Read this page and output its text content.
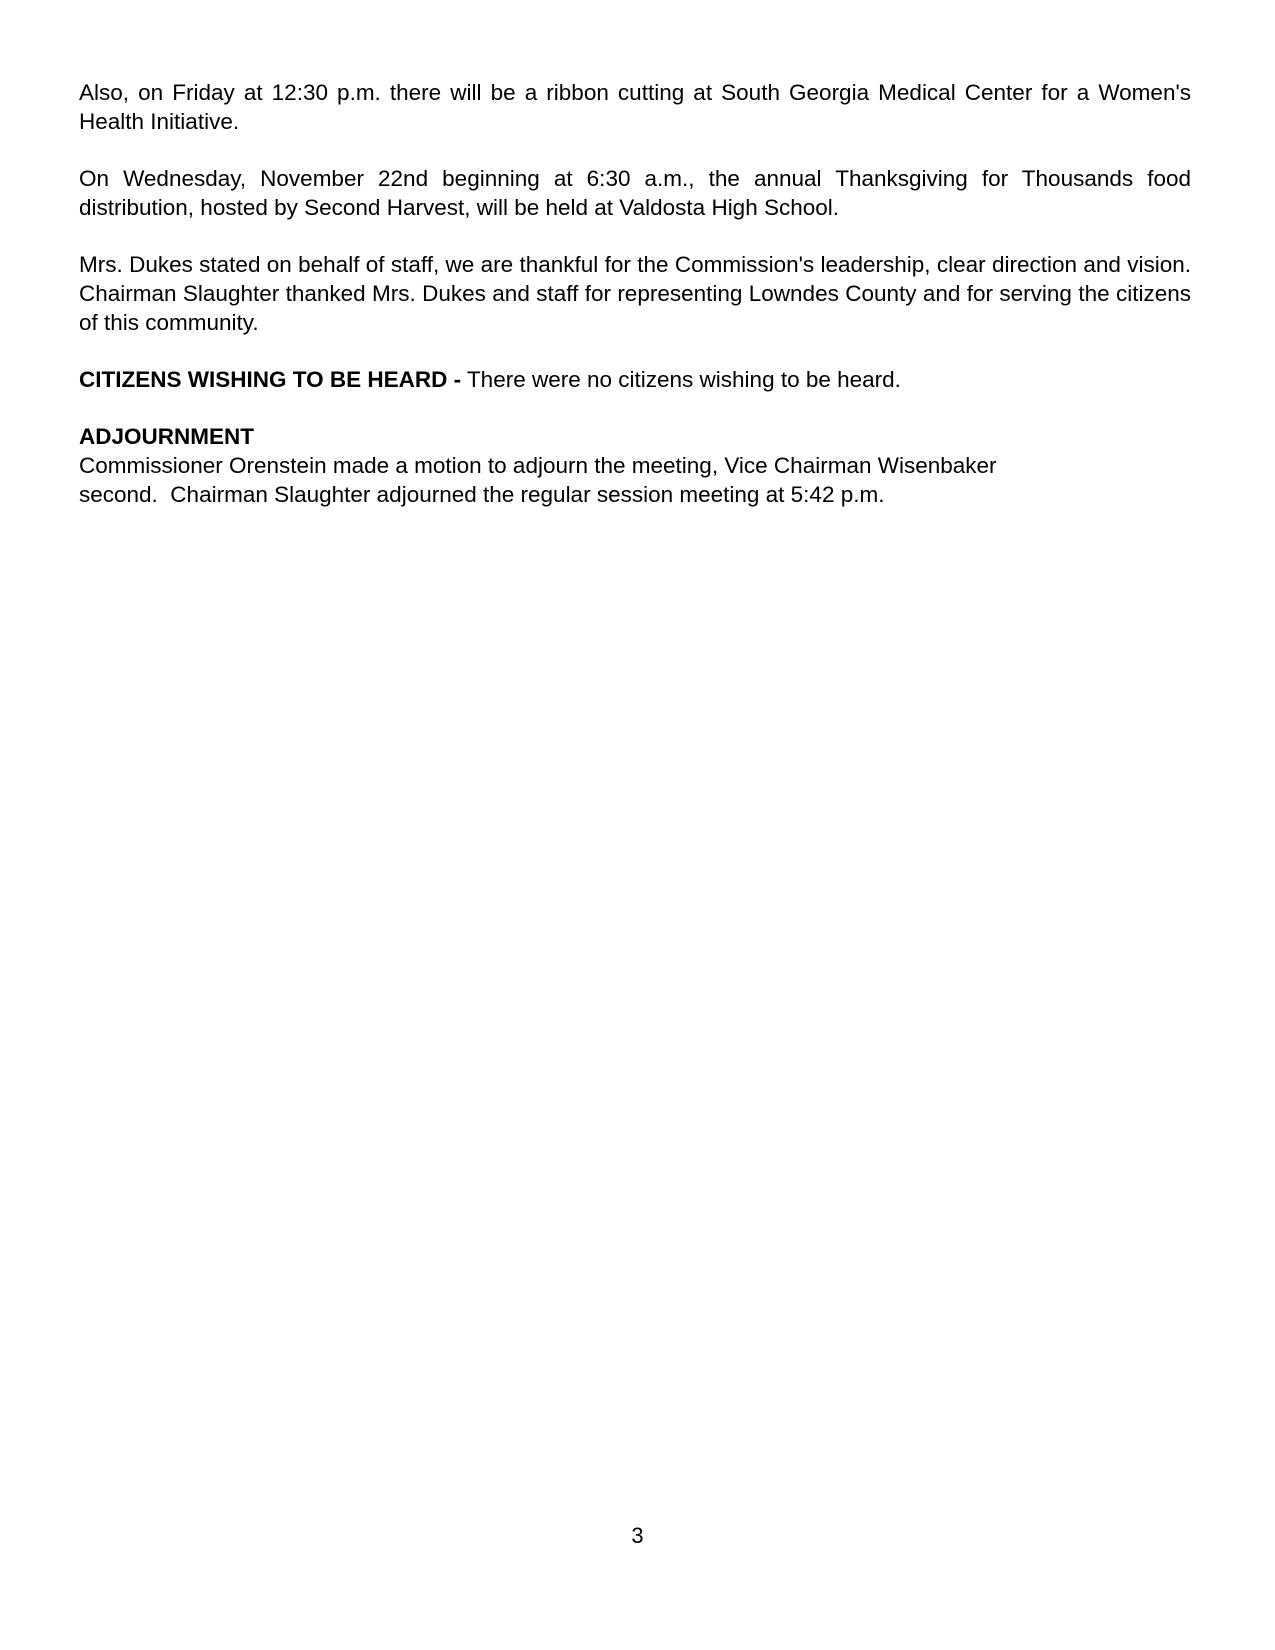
Also, on Friday at 12:30 p.m. there will be a ribbon cutting at South Georgia Medical Center for a Women's Health Initiative.

On Wednesday, November 22nd beginning at 6:30 a.m., the annual Thanksgiving for Thousands food distribution, hosted by Second Harvest, will be held at Valdosta High School.

Mrs. Dukes stated on behalf of staff, we are thankful for the Commission's leadership, clear direction and vision. Chairman Slaughter thanked Mrs. Dukes and staff for representing Lowndes County and for serving the citizens of this community.

CITIZENS WISHING TO BE HEARD - There were no citizens wishing to be heard.

ADJOURNMENT
Commissioner Orenstein made a motion to adjourn the meeting, Vice Chairman Wisenbaker
second.  Chairman Slaughter adjourned the regular session meeting at 5:42 p.m.
3
